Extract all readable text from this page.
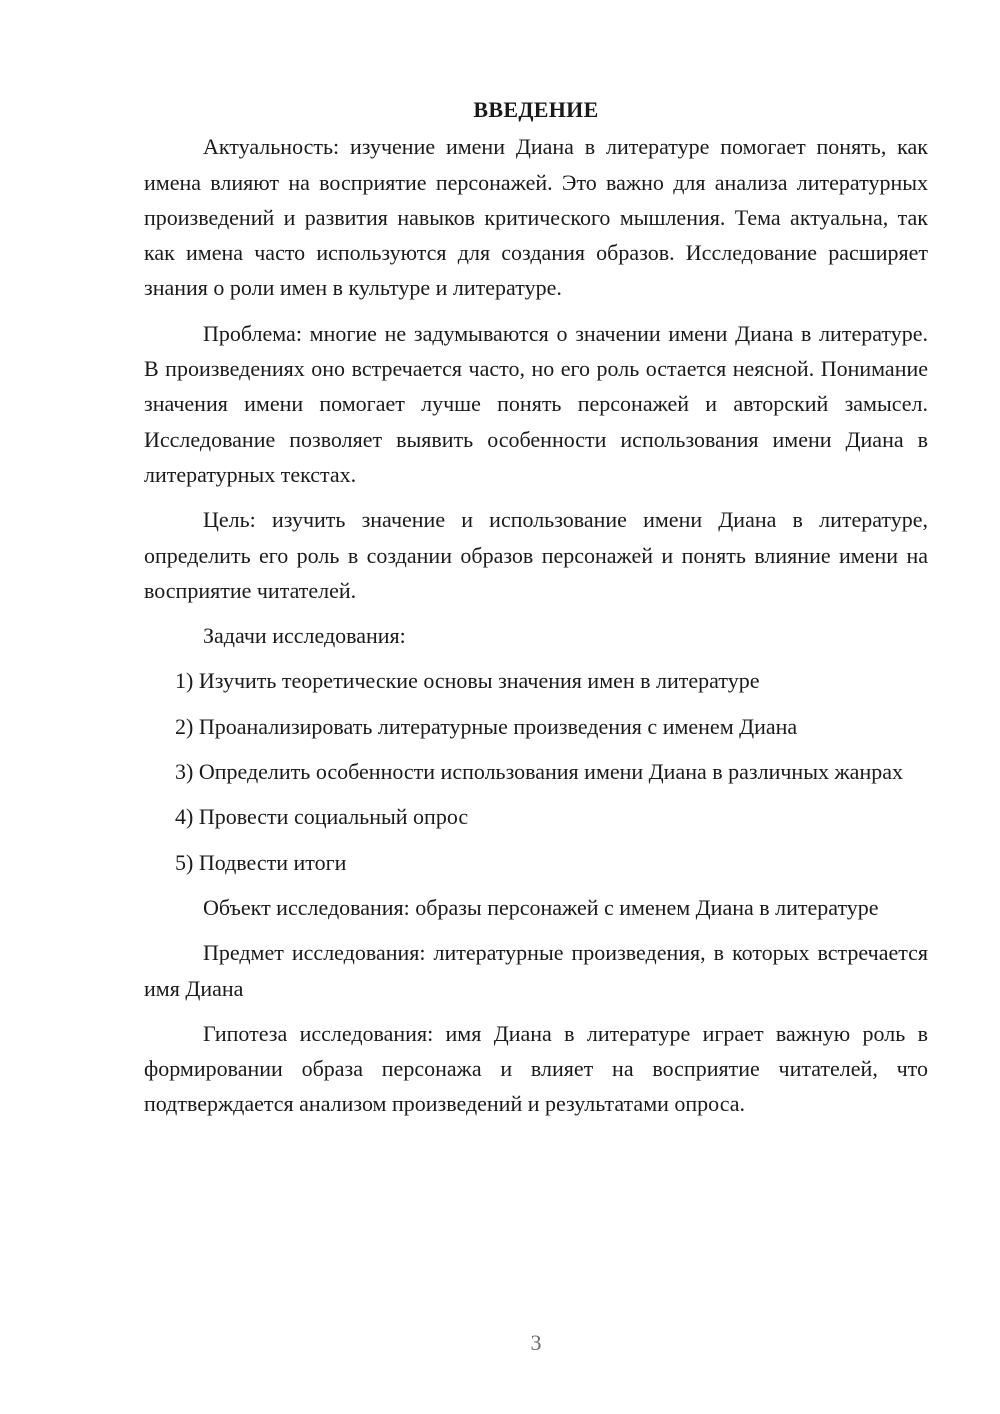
ВВЕДЕНИЕ

Актуальность: изучение имени Диана в литературе помогает понять, как имена влияют на восприятие персонажей. Это важно для анализа литературных произведений и развития навыков критического мышления. Тема актуальна, так как имена часто используются для создания образов. Исследование расширяет знания о роли имен в культуре и литературе.

Проблема: многие не задумываются о значении имени Диана в литературе. В произведениях оно встречается часто, но его роль остается неясной. Понимание значения имени помогает лучше понять персонажей и авторский замысел. Исследование позволяет выявить особенности использования имени Диана в литературных текстах.

Цель: изучить значение и использование имени Диана в литературе, определить его роль в создании образов персонажей и понять влияние имени на восприятие читателей.

Задачи исследования:

1) Изучить теоретические основы значения имен в литературе

2) Проанализировать литературные произведения с именем Диана

3) Определить особенности использования имени Диана в различных жанрах

4) Провести социальный опрос

5) Подвести итоги

Объект исследования: образы персонажей с именем Диана в литературе

Предмет исследования: литературные произведения, в которых встречается имя Диана

Гипотеза исследования: имя Диана в литературе играет важную роль в формировании образа персонажа и влияет на восприятие читателей, что подтверждается анализом произведений и результатами опроса.

3
